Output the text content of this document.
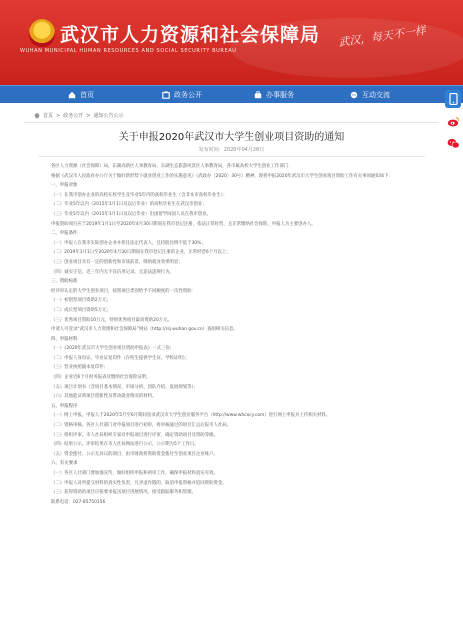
武汉市人力资源和社会保障局
WUHAN MUNICIPAL HUMAN RESOURCES AND SOCIAL SECURITY BUREAU
武汉，每天不一样
首页	政务公开	办事服务	互动交流
首页 > 政务公开 > 通知公告公示
关于申报2020年武汉市大学生创业项目资助的通知
发布时间：2020年04月28日
各区人力资源（社会保障）局，东湖高新区人事教育局，东湖生态旅游风景区人事教育局，各市属高校大学生创业工作部门：
根据《武汉市人民政府办公厅关于做好新形势下就业创业工作的实施意见》（武政办〔2020〕30号）精神，现将申报2020年武汉市大学生创业项目资助工作有关事项通知如下：
一、申报对象
（一）在我市创办企业的高校在校学生及毕业5年内的高校毕业生（含非本市高校毕业生）；
（二）毕业5年以内（2015年1月1日及以后毕业）的高校毕业生在武汉市创业；
（三）毕业5年以内（2015年1月1日及以后毕业）出国留学回国人员在我市创业。
申报资助项目应于2019年1月1日至2020年4月30日期间在我市登记注册，依法正常经营，且正常缴纳社会保险，申报人为主要创办人。
二、申报条件
（一）申报人在我市实际创办企业并担任法定代表人，且持股比例不低于30%；
（二）2019年1月1日至2020年4月30日期间在我市登记注册的企业，正常经营6个月以上；
（三）创业项目具有一定的创新性和市场前景，吸纳就业效果明显；
（四）诚实守信，近三年内无不良信用记录，无违法违规行为。
三、资助标准
经评审认定的大学生创业项目，按照项目类别给予不同额度的一次性资助：
（一）初创型项目资助2万元；
（二）成长型项目资助5万元；
（三）优秀项目资助10万元，特别优秀项目最高资助20万元。
申请人可登录“武汉市人力资源和社会保障局”网站（http://rsj.wuhan.gov.cn）查阅相关信息。
四、申报材料
（一）《2020年武汉市大学生创业项目资助申报表》一式三份；
（二）申报人身份证、毕业证复印件（在校生提供学生证、学校证明）；
（三）营业执照副本复印件；
（四）企业近6个月财务报表及缴纳社会保险证明；
（五）项目计划书（含项目基本情况、市场分析、团队介绍、发展规划等）；
（六）其他能证明项目创新性及带动就业情况的材料。
五、申报程序
（一）网上申报。申报人于2020年5月至6月期间登录武汉市大学生创业服务平台（http://www.whcxcy.com）进行网上申报并上传相关材料。
（二）资格审核。各区人社部门对申报项目进行初审，将审核通过的项目汇总后报市人社局。
（三）组织评审。市人社局组织专家对申报项目进行评审，确定资助项目及资助等级。
（四）结果公示。评审结果在市人社局网站进行公示，公示期为5个工作日。
（五）资金拨付。公示无异议的项目，由市财政将资助资金拨付至创业项目企业账户。
六、有关要求
（一）各区人社部门要加强宣传，做好组织申报和初审工作，确保申报材料真实有效。
（二）申报人对所提交材料的真实性负责，凡弄虚作假的，取消申报资格并追回资助资金。
（三）获得资助的项目应按要求报送项目进展情况，接受跟踪服务和管理。
联系电话：027-85750156
